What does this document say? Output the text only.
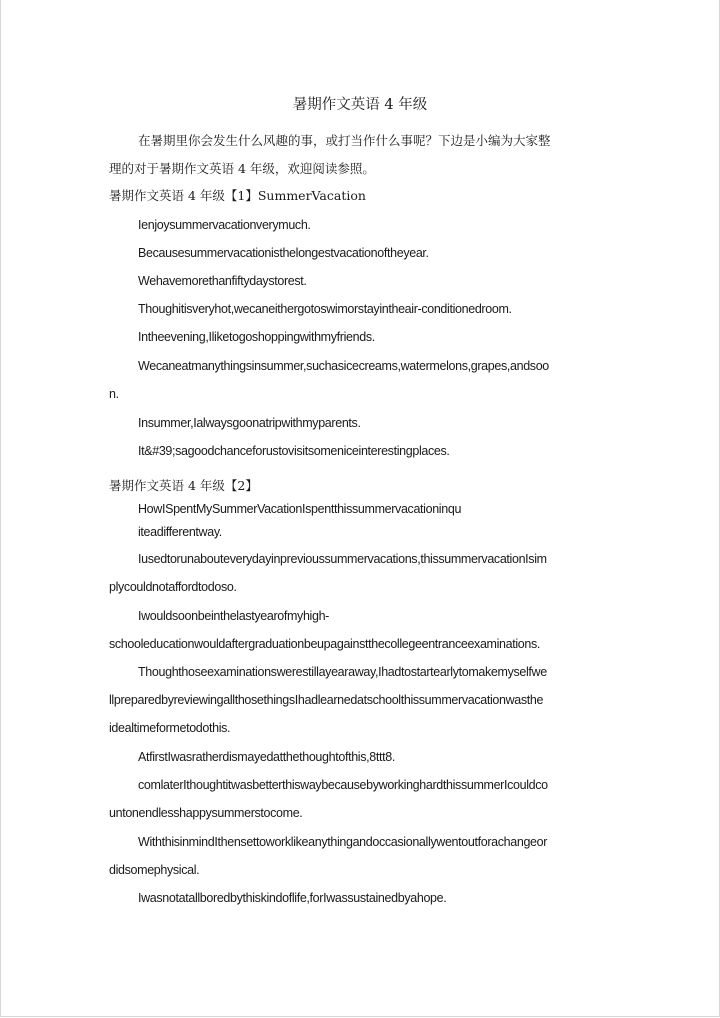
暑期作文英语 4 年级
在暑期里你会发生什么风趣的事，或打当作什么事呢？下边是小编为大家整
理的对于暑期作文英语 4 年级，欢迎阅读参照。
暑期作文英语 4 年级【1】SummerVacation
Ienjoysummervacationverymuch.
Becausesummervacationisthelongestvacationoftheyear.
Wehavemorethanfiftydaystorest.
Thoughitisveryhot,wecaneithergotoswimorstayintheair-conditionedroom.
Intheevening,Iliketogoshoppingwithmyfriends.
Wecaneatmanythingsinsummer,suchasicecreams,watermelons,grapes,andsoo
n.
Insummer,Ialwaysgoonatripwithmyparents.
It&#39;sagoodchanceforustovisitsomeniceinterestingplaces.
暑期作文英语 4 年级【2】
HowISpentMySummerVacationIspentthissummervacationinqu
iteadifferentway.
Iusedtorunabouteverydayinprevioussummervacations,thissummervacationIsim
plycouldnotaffordtodoso.
Iwouldsoonbeinthelastyearofmyhigh-
schooleducationwouldaftergraduationbeupagainstthecollegeentranceexaminations.
Thoughthoseexaminationswerestillayearaway,Ihadtostartearlytomakemyselfwe
llpreparedbyreviewingallthosethingsIhadlearnedatschoolthissummervacationwasthe
idealtimeformetodothis.
AtfirstIwasratherdismayedatthethoughtofthis,8ttt8.
comlaterIthoughtitwasbetterthiswaybecausebyworkinghardthissummerIcouldco
untonendlesshappysummerstocome.
WiththisinmindIthensettoworklikeanythingandoccasionallywentoutforachangeor
didsomephysical.
Iwasnotatallboredbythiskindoflife,forIwassustainedbyahope.
